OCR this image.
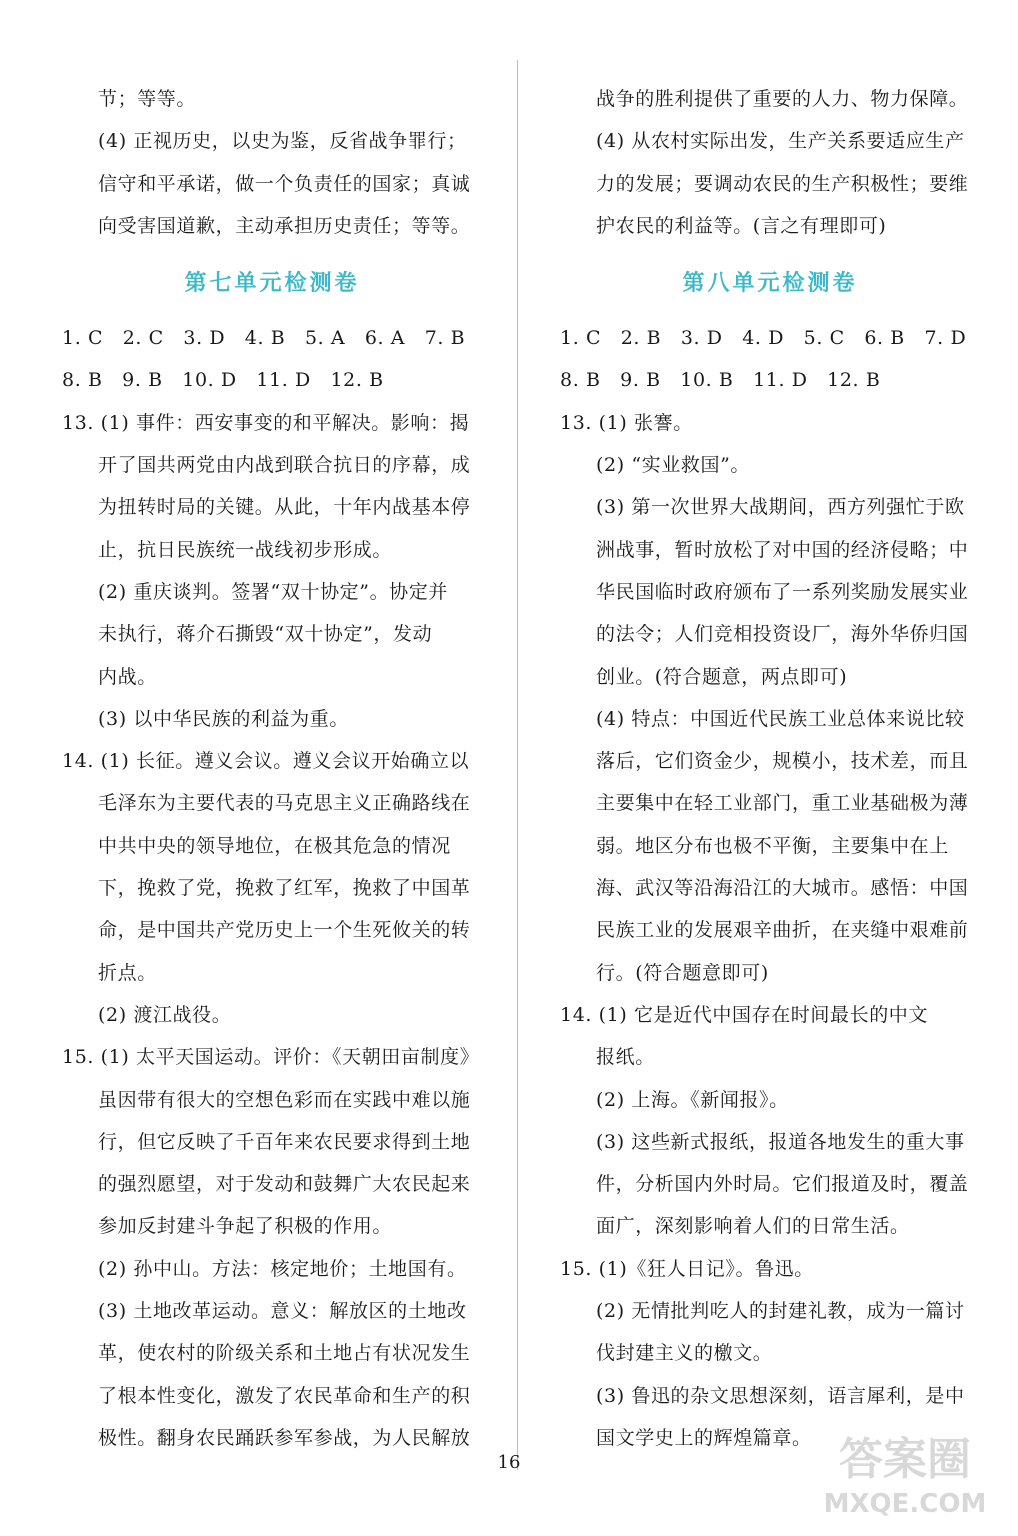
节；等等。
(4) 正视历史，以史为鉴，反省战争罪行；
信守和平承诺，做一个负责任的国家；真诚
向受害国道歉，主动承担历史责任；等等。
第七单元检测卷
1. C　2. C　3. D　4. B　5. A　6. A　7. B
8. B　9. B　10. D　11. D　12. B
13. (1) 事件：西安事变的和平解决。影响：揭
开了国共两党由内战到联合抗日的序幕，成
为扭转时局的关键。从此，十年内战基本停
止，抗日民族统一战线初步形成。
(2) 重庆谈判。签署“双十协定”。协定并
未执行，蒋介石撕毁“双十协定”，发动
内战。
(3) 以中华民族的利益为重。
14. (1) 长征。遵义会议。遵义会议开始确立以
毛泽东为主要代表的马克思主义正确路线在
中共中央的领导地位，在极其危急的情况
下，挽救了党，挽救了红军，挽救了中国革
命，是中国共产党历史上一个生死攸关的转
折点。
(2) 渡江战役。
15. (1) 太平天国运动。评价：《天朝田亩制度》
虽因带有很大的空想色彩而在实践中难以施
行，但它反映了千百年来农民要求得到土地
的强烈愿望，对于发动和鼓舞广大农民起来
参加反封建斗争起了积极的作用。
(2) 孙中山。方法：核定地价；土地国有。
(3) 土地改革运动。意义：解放区的土地改
革，使农村的阶级关系和土地占有状况发生
了根本性变化，激发了农民革命和生产的积
极性。翻身农民踊跃参军参战，为人民解放
战争的胜利提供了重要的人力、物力保障。
(4) 从农村实际出发，生产关系要适应生产
力的发展；要调动农民的生产积极性；要维
护农民的利益等。(言之有理即可)
第八单元检测卷
1. C　2. B　3. D　4. D　5. C　6. B　7. D
8. B　9. B　10. B　11. D　12. B
13. (1) 张謇。
(2) “实业救国”。
(3) 第一次世界大战期间，西方列强忙于欧
洲战事，暂时放松了对中国的经济侵略；中
华民国临时政府颁布了一系列奖励发展实业
的法令；人们竞相投资设厂，海外华侨归国
创业。(符合题意，两点即可)
(4) 特点：中国近代民族工业总体来说比较
落后，它们资金少，规模小，技术差，而且
主要集中在轻工业部门，重工业基础极为薄
弱。地区分布也极不平衡，主要集中在上
海、武汉等沿海沿江的大城市。感悟：中国
民族工业的发展艰辛曲折，在夹缝中艰难前
行。(符合题意即可)
14. (1) 它是近代中国存在时间最长的中文
报纸。
(2) 上海。《新闻报》。
(3) 这些新式报纸，报道各地发生的重大事
件，分析国内外时局。它们报道及时，覆盖
面广，深刻影响着人们的日常生活。
15. (1)《狂人日记》。鲁迅。
(2) 无情批判吃人的封建礼教，成为一篇讨
伐封建主义的檄文。
(3) 鲁迅的杂文思想深刻，语言犀利，是中
国文学史上的辉煌篇章。
16	答案圈
MXQE.COM
